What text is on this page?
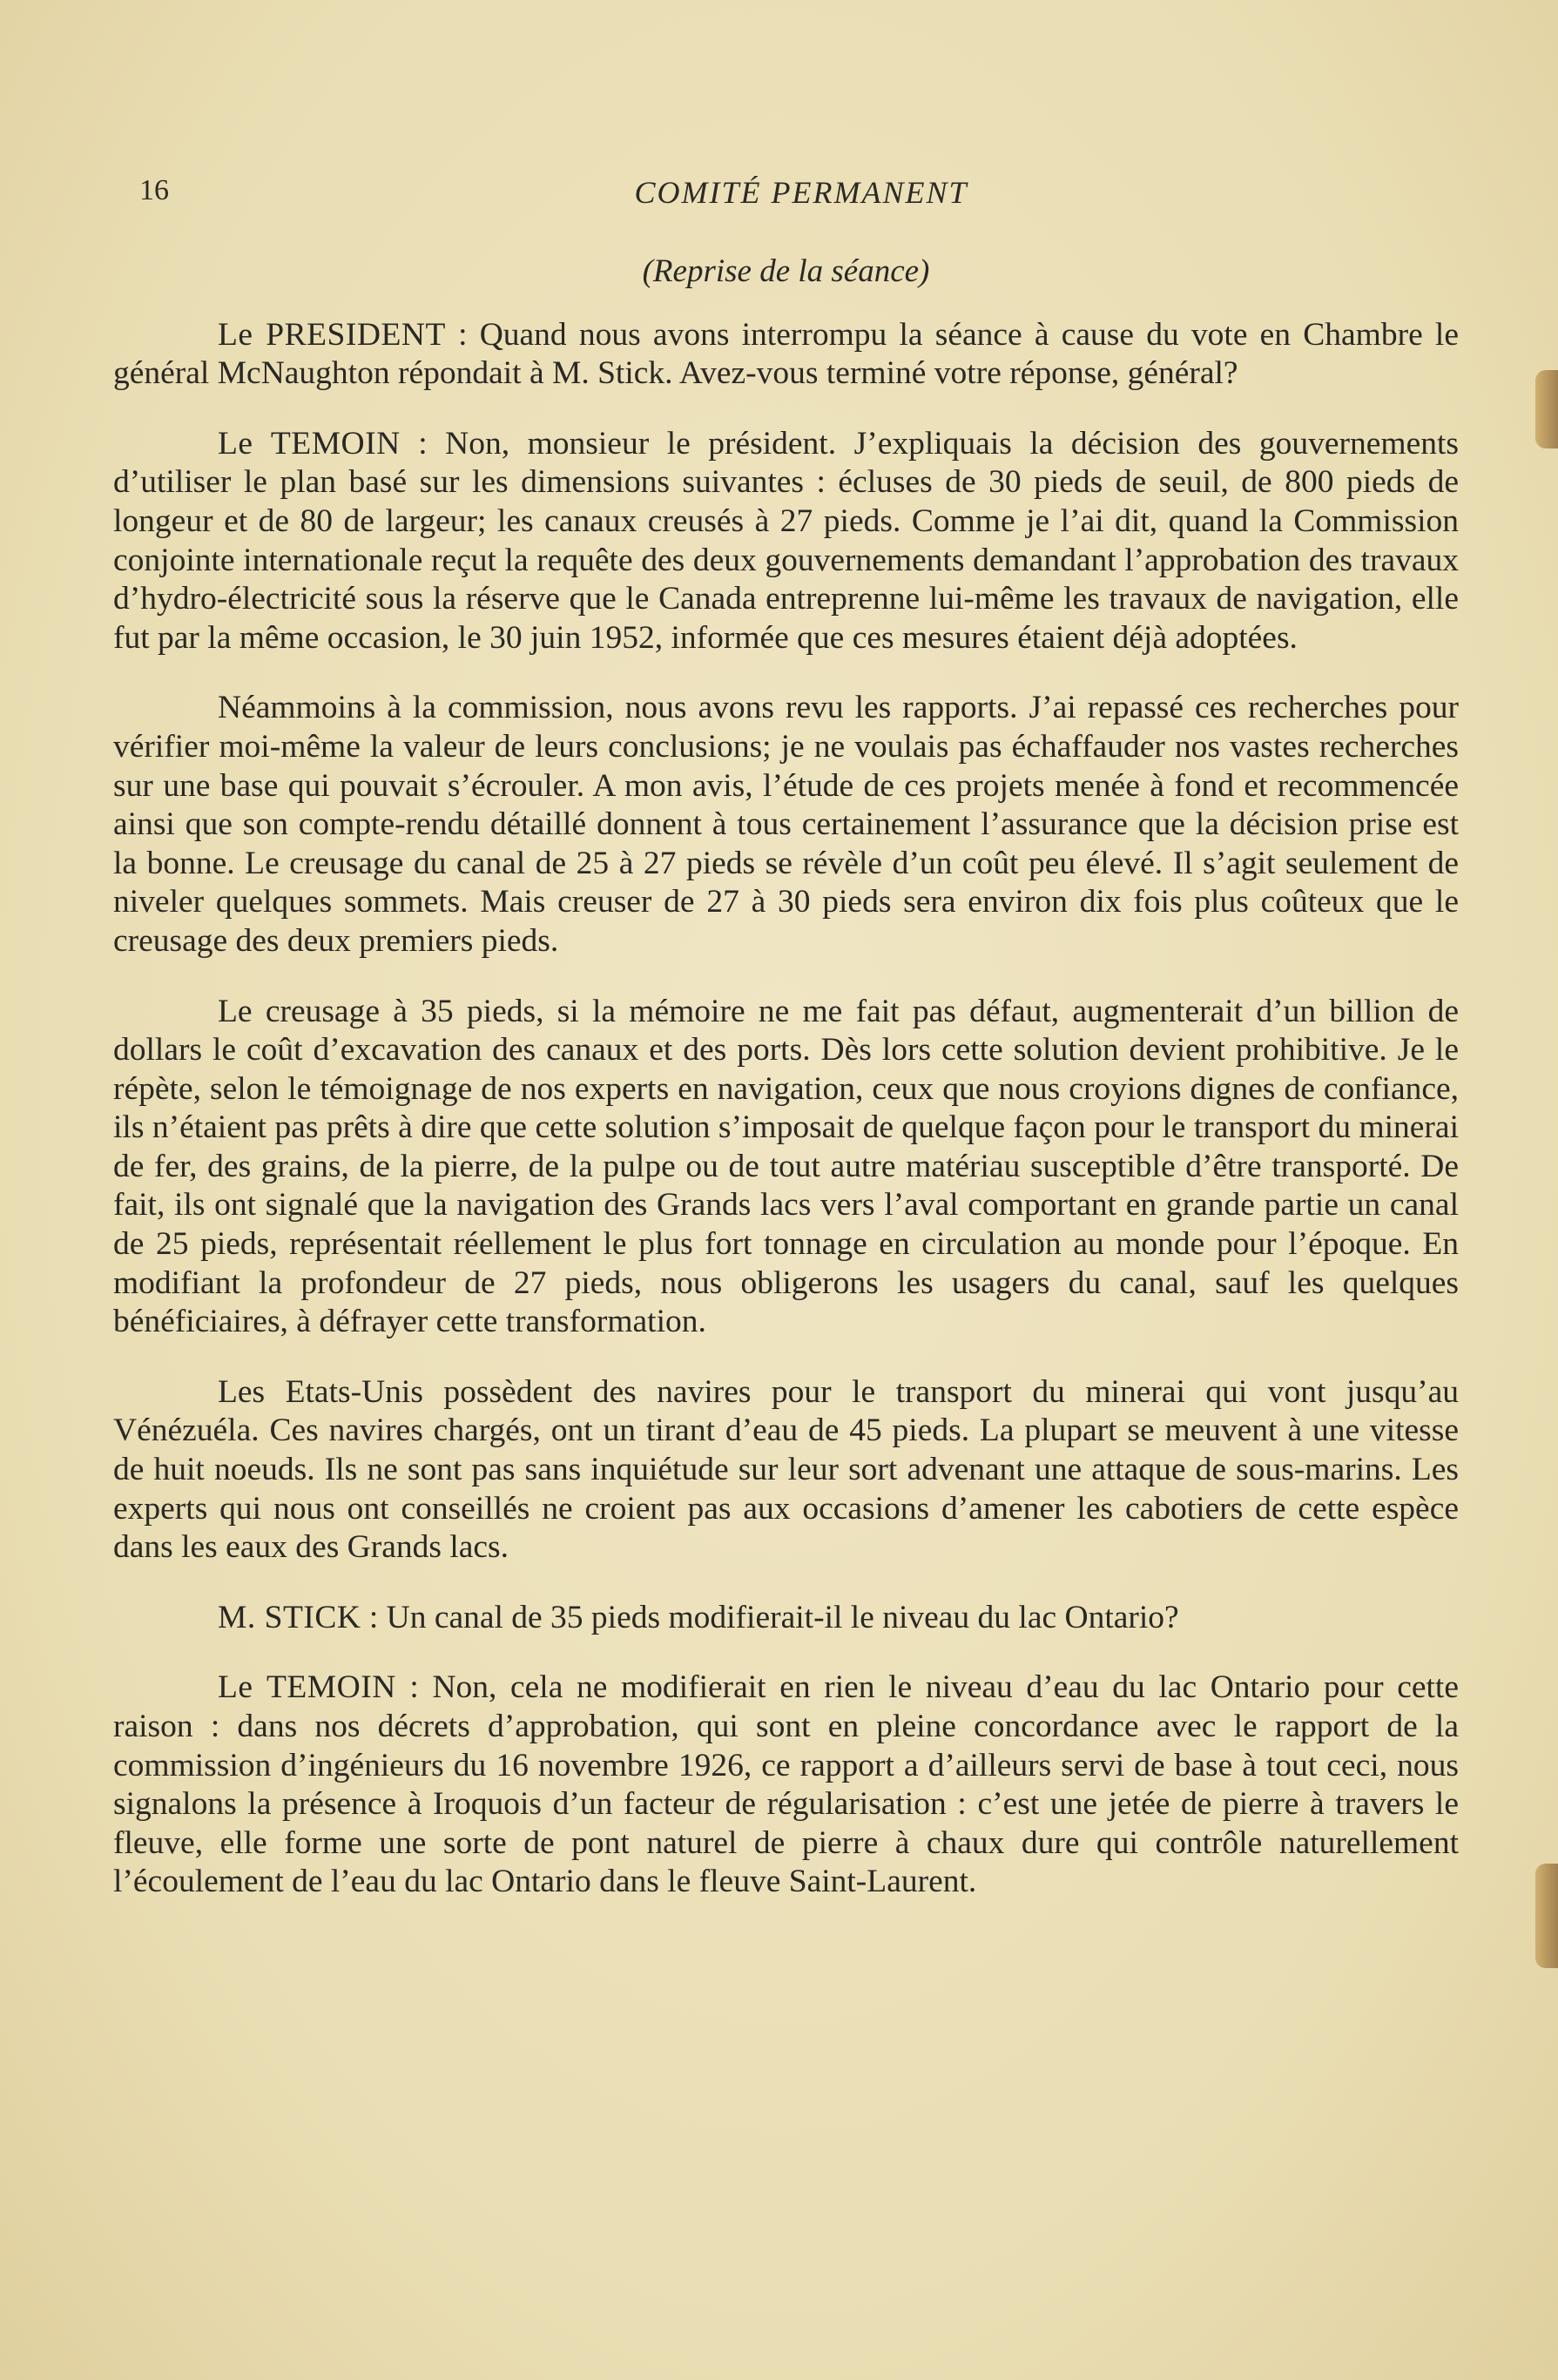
16	COMITÉ PERMANENT

(Reprise de la séance)

Le PRESIDENT : Quand nous avons interrompu la séance à cause du vote en Chambre le général McNaughton répondait à M. Stick. Avez-vous terminé votre réponse, général?

Le TEMOIN : Non, monsieur le président. J’expliquais la décision des gouvernements d’utiliser le plan basé sur les dimensions suivantes : écluses de 30 pieds de seuil, de 800 pieds de longeur et de 80 de largeur; les canaux creusés à 27 pieds. Comme je l’ai dit, quand la Commission conjointe internationale reçut la requête des deux gouvernements demandant l’approbation des travaux d’hydro-électricité sous la réserve que le Canada entreprenne lui-même les travaux de navigation, elle fut par la même occasion, le 30 juin 1952, informée que ces mesures étaient déjà adoptées.

Néammoins à la commission, nous avons revu les rapports. J’ai repassé ces recherches pour vérifier moi-même la valeur de leurs conclusions; je ne voulais pas échaffauder nos vastes recherches sur une base qui pouvait s’écrouler. A mon avis, l’étude de ces projets menée à fond et recommencée ainsi que son compte-rendu détaillé donnent à tous certainement l’assurance que la décision prise est la bonne. Le creusage du canal de 25 à 27 pieds se révèle d’un coût peu élevé. Il s’agit seulement de niveler quelques sommets. Mais creuser de 27 à 30 pieds sera environ dix fois plus coûteux que le creusage des deux premiers pieds.

Le creusage à 35 pieds, si la mémoire ne me fait pas défaut, augmenterait d’un billion de dollars le coût d’excavation des canaux et des ports. Dès lors cette solution devient prohibitive. Je le répète, selon le témoignage de nos experts en navigation, ceux que nous croyions dignes de confiance, ils n’étaient pas prêts à dire que cette solution s’imposait de quelque façon pour le transport du minerai de fer, des grains, de la pierre, de la pulpe ou de tout autre matériau susceptible d’être transporté. De fait, ils ont signalé que la navigation des Grands lacs vers l’aval comportant en grande partie un canal de 25 pieds, représentait réellement le plus fort tonnage en circulation au monde pour l’époque. En modifiant la profondeur de 27 pieds, nous obligerons les usagers du canal, sauf les quelques bénéficiaires, à défrayer cette transformation.

Les Etats-Unis possèdent des navires pour le transport du minerai qui vont jusqu’au Vénézuéla. Ces navires chargés, ont un tirant d’eau de 45 pieds. La plupart se meuvent à une vitesse de huit noeuds. Ils ne sont pas sans inquiétude sur leur sort advenant une attaque de sous-marins. Les experts qui nous ont conseillés ne croient pas aux occasions d’amener les cabotiers de cette espèce dans les eaux des Grands lacs.

M. STICK : Un canal de 35 pieds modifierait-il le niveau du lac Ontario?

Le TEMOIN : Non, cela ne modifierait en rien le niveau d’eau du lac Ontario pour cette raison : dans nos décrets d’approbation, qui sont en pleine concordance avec le rapport de la commission d’ingénieurs du 16 novembre 1926, ce rapport a d’ailleurs servi de base à tout ceci, nous signalons la présence à Iroquois d’un facteur de régularisation : c’est une jetée de pierre à travers le fleuve, elle forme une sorte de pont naturel de pierre à chaux dure qui contrôle naturellement l’écoulement de l’eau du lac Ontario dans le fleuve Saint-Laurent.
